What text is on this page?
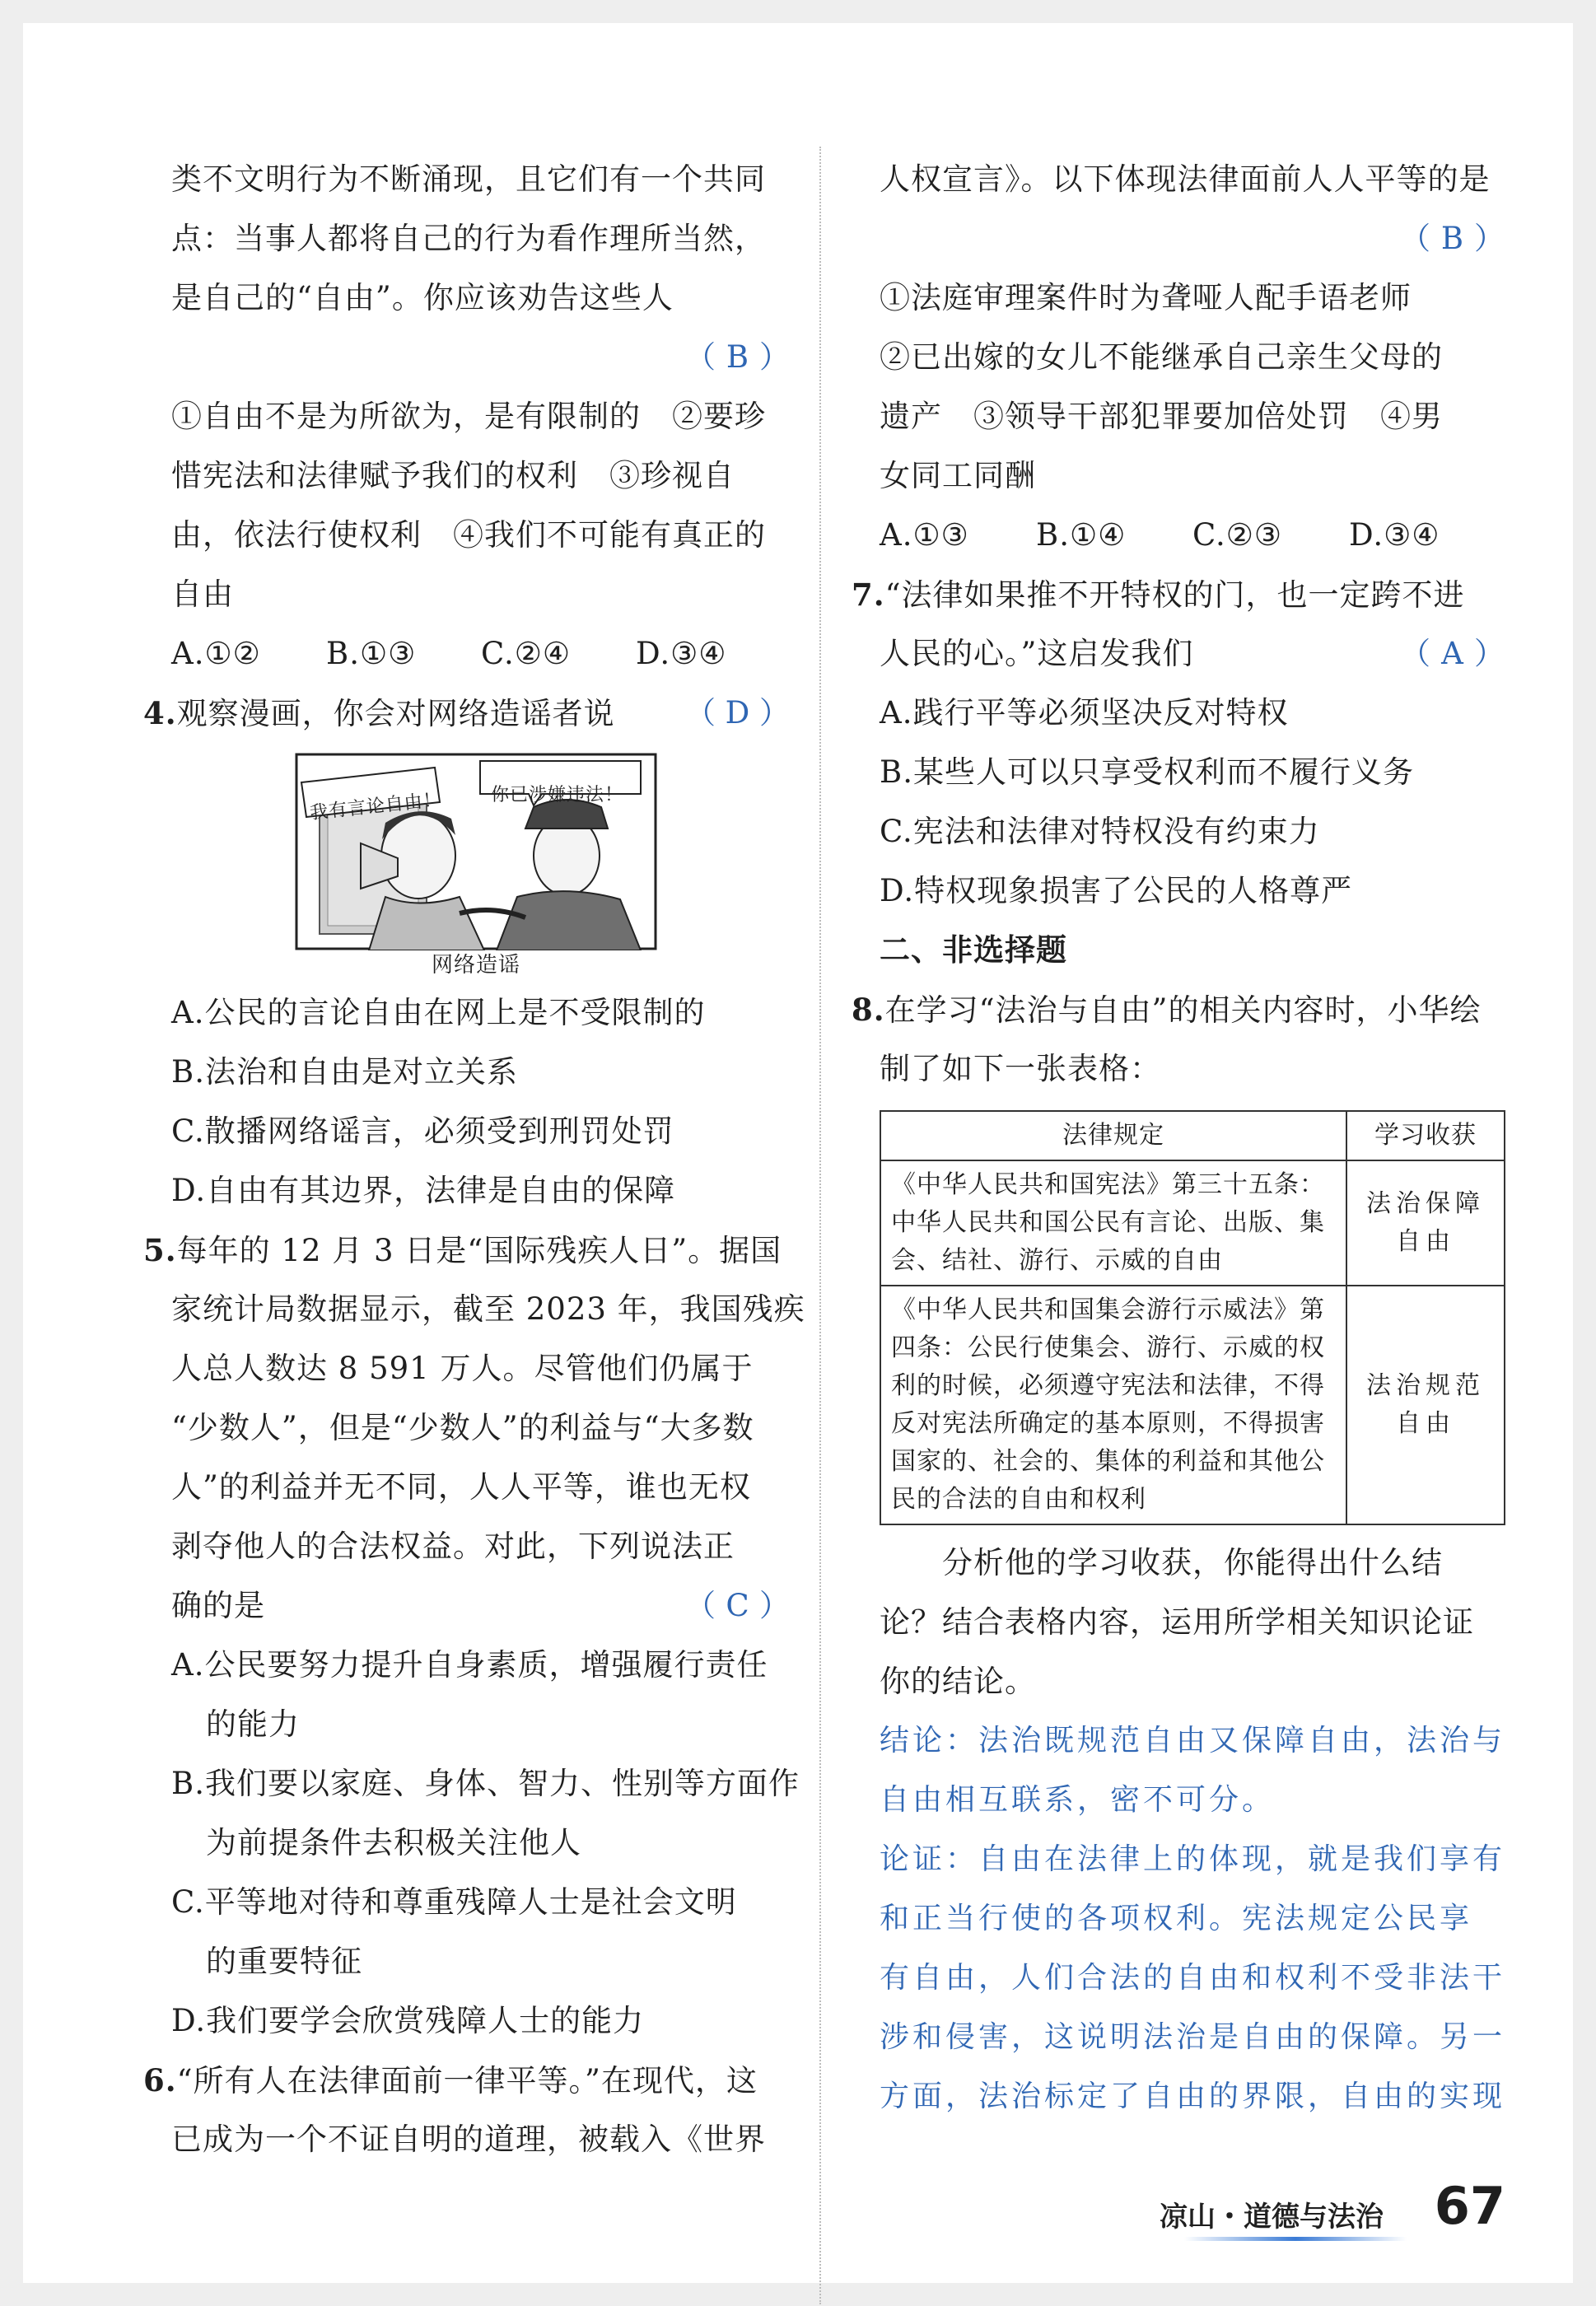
类不文明行为不断涌现，且它们有一个共同
点：当事人都将自己的行为看作理所当然，
是自己的“自由”。你应该劝告这些人
（ B ）
①自由不是为所欲为，是有限制的　②要珍
惜宪法和法律赋予我们的权利　③珍视自
由，依法行使权利　④我们不可能有真正的
自由
A.①②	B.①③	C.②④	D.③④
4.观察漫画，你会对网络造谣者说 （ D ）
我有言论自由！	你已涉嫌违法！
网络造谣
A.公民的言论自由在网上是不受限制的
B.法治和自由是对立关系
C.散播网络谣言，必须受到刑罚处罚
D.自由有其边界，法律是自由的保障
5.每年的 12 月 3 日是“国际残疾人日”。据国
家统计局数据显示，截至 2023 年，我国残疾
人总人数达 8 591 万人。尽管他们仍属于
“少数人”，但是“少数人”的利益与“大多数
人”的利益并无不同，人人平等，谁也无权
剥夺他人的合法权益。对此，下列说法正
确的是	（ C ）
A.公民要努力提升自身素质，增强履行责任
的能力
B.我们要以家庭、身体、智力、性别等方面作
为前提条件去积极关注他人
C.平等地对待和尊重残障人士是社会文明
的重要特征
D.我们要学会欣赏残障人士的能力
6.“所有人在法律面前一律平等。”在现代，这
已成为一个不证自明的道理，被载入《世界
人权宣言》。以下体现法律面前人人平等的是
（ B ）
①法庭审理案件时为聋哑人配手语老师
②已出嫁的女儿不能继承自己亲生父母的
遗产　③领导干部犯罪要加倍处罚　④男
女同工同酬
A.①③	B.①④	C.②③	D.③④
7.“法律如果推不开特权的门，也一定跨不进
人民的心。”这启发我们	（ A ）
A.践行平等必须坚决反对特权
B.某些人可以只享受权利而不履行义务
C.宪法和法律对特权没有约束力
D.特权现象损害了公民的人格尊严
二、非选择题
8.在学习“法治与自由”的相关内容时，小华绘
制了如下一张表格：
法律规定	学习收获
《中华人民共和国宪法》第三十五条：中华人民共和国公民有言论、出版、集会、结社、游行、示威的自由	法治保障自由
《中华人民共和国集会游行示威法》第四条：公民行使集会、游行、示威的权利的时候，必须遵守宪法和法律，不得反对宪法所确定的基本原则，不得损害国家的、社会的、集体的利益和其他公民的合法的自由和权利	法治规范自由
　　分析他的学习收获，你能得出什么结
论？结合表格内容，运用所学相关知识论证
你的结论。
结论：法治既规范自由又保障自由，法治与
自由相互联系，密不可分。
论证：自由在法律上的体现，就是我们享有
和正当行使的各项权利。宪法规定公民享
有自由，人们合法的自由和权利不受非法干
涉和侵害，这说明法治是自由的保障。另一
方面，法治标定了自由的界限，自由的实现
凉山・道德与法治 67
